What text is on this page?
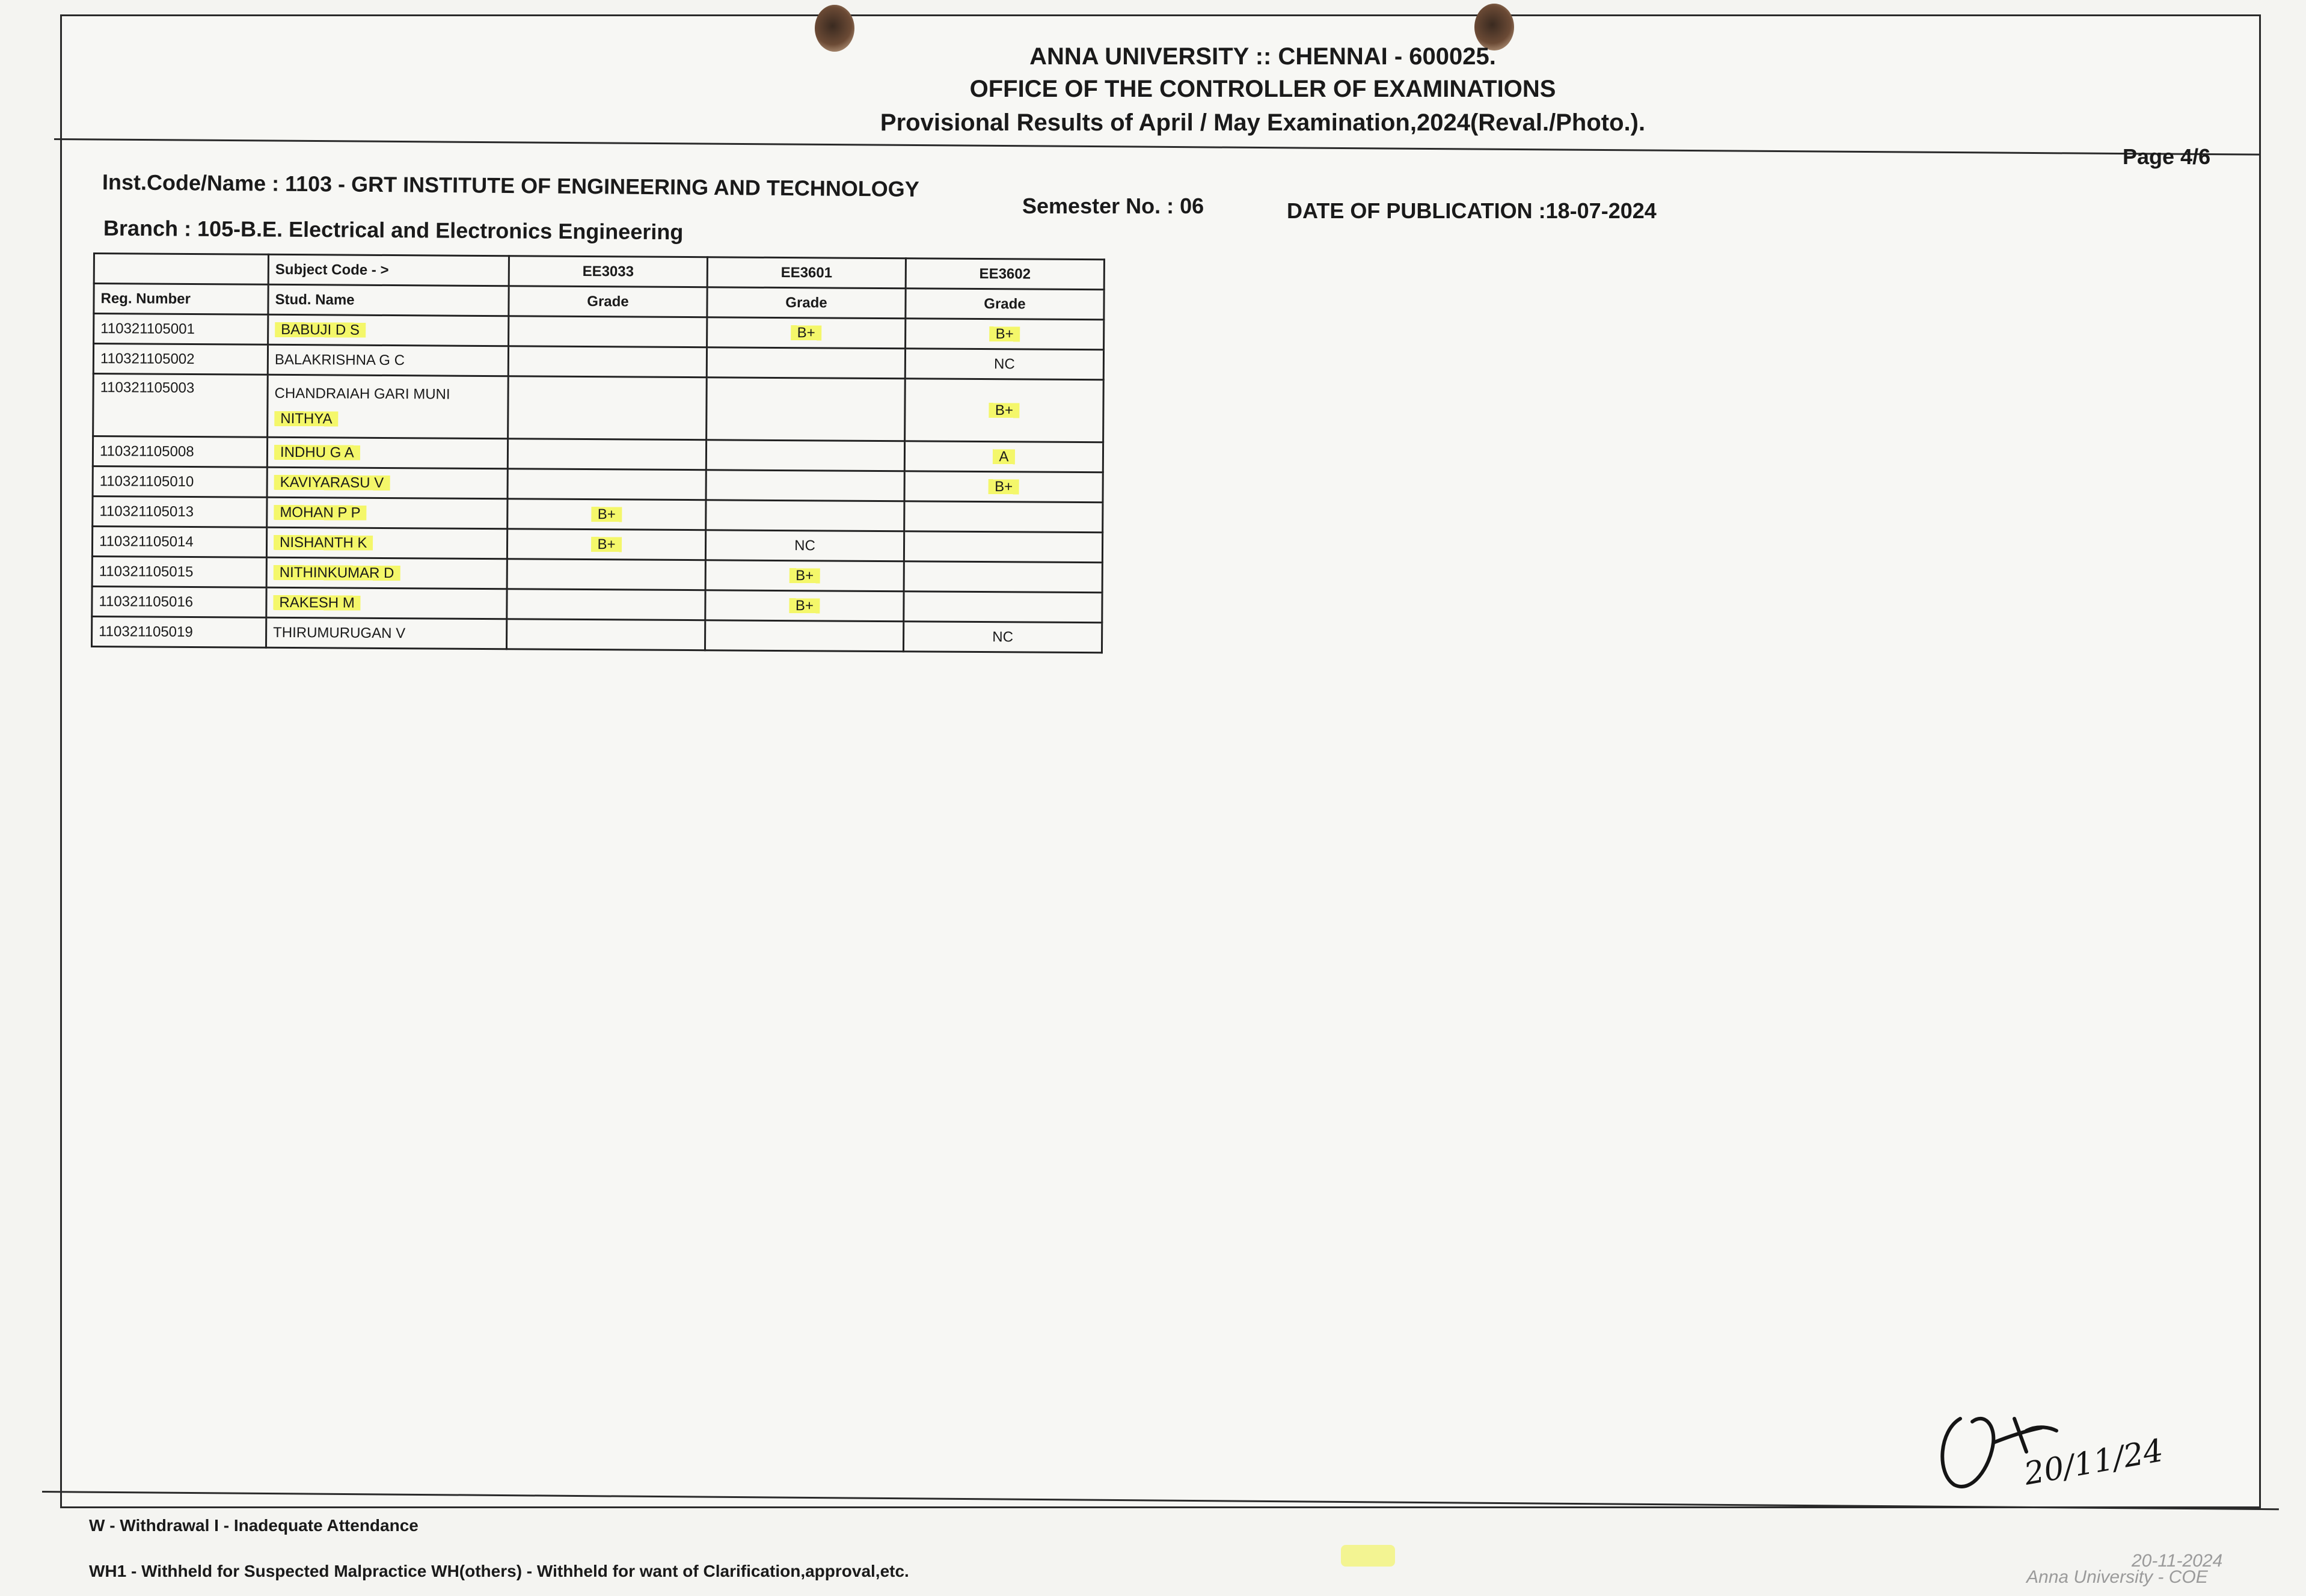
ANNA UNIVERSITY :: CHENNAI - 600025.
OFFICE OF THE CONTROLLER OF EXAMINATIONS
Provisional Results of April / May Examination,2024(Reval./Photo.).
Page 4/6
Inst.Code/Name : 1103 - GRT INSTITUTE OF ENGINEERING AND TECHNOLOGY
Semester No. : 06	DATE OF PUBLICATION :18-07-2024
Branch : 105-B.E. Electrical and Electronics Engineering
	Subject Code - >	EE3033	EE3601	EE3602
Reg. Number	Stud. Name	Grade	Grade	Grade
110321105001	BABUJI D S		B+	B+
110321105002	BALAKRISHNA G C			NC
110321105003	CHANDRAIAH GARI MUNI
NITHYA			B+
110321105008	INDHU G A			A
110321105010	KAVIYARASU V			B+
110321105013	MOHAN P P	B+		
110321105014	NISHANTH K	B+	NC	
110321105015	NITHINKUMAR D		B+	
110321105016	RAKESH M		B+	
110321105019	THIRUMURUGAN V			NC
20/11/24
W - Withdrawal I - Inadequate Attendance
WH1 - Withheld for Suspected Malpractice WH(others) - Withheld for want of Clarification,approval,etc.
20-11-2024
Anna University - COE
